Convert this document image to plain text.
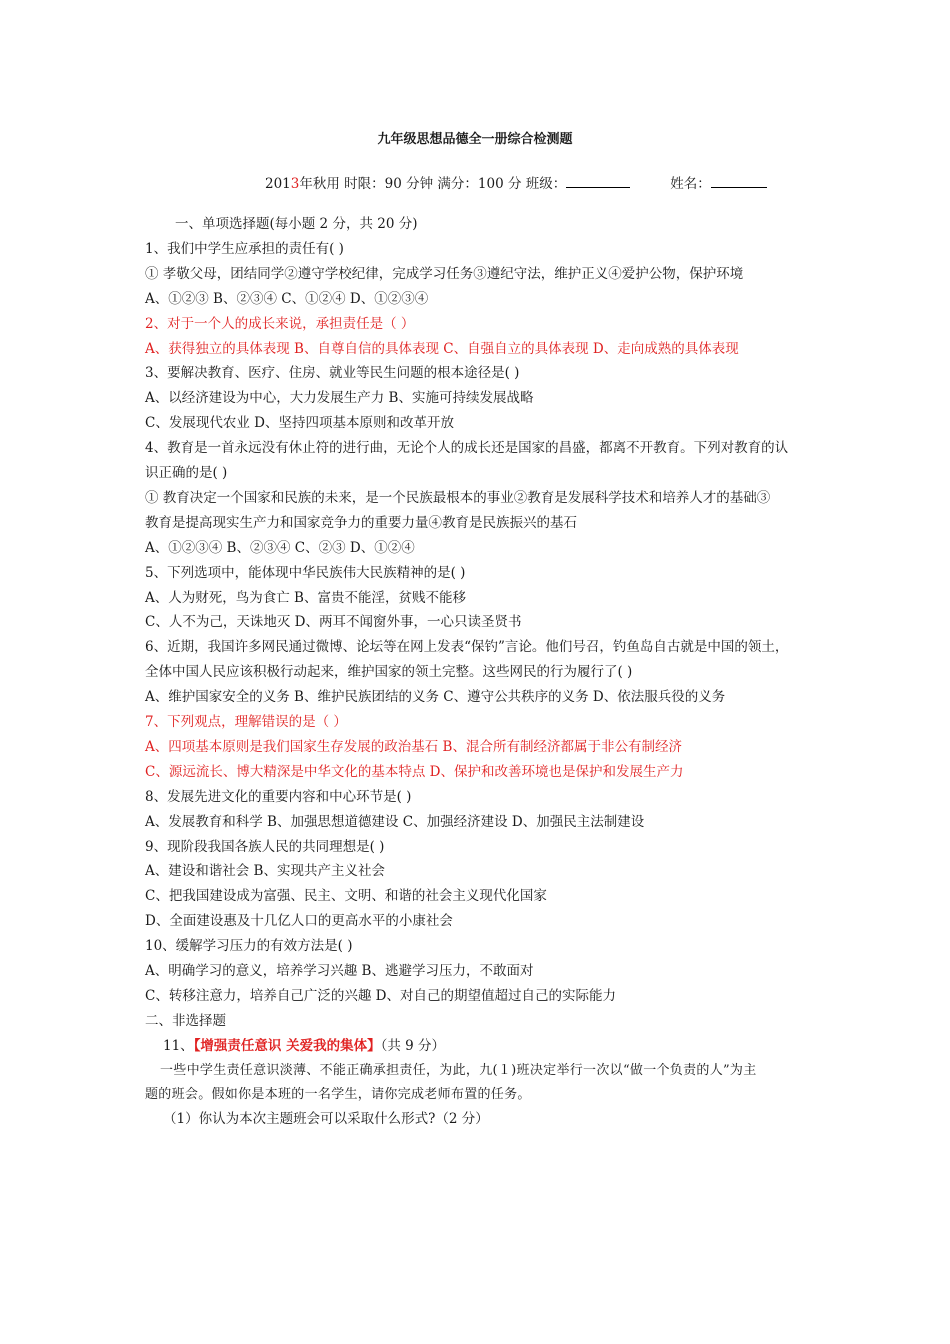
九年级思想品德全一册综合检测题
2013年秋用 时限：90 分钟 满分：100 分 班级：	姓名：
一、单项选择题(每小题 2 分，共 20 分)
1、我们中学生应承担的责任有( )
① 孝敬父母，团结同学②遵守学校纪律，完成学习任务③遵纪守法，维护正义④爱护公物，保护环境
A、①②③ B、②③④ C、①②④ D、①②③④
2、对于一个人的成长来说，承担责任是（ ）
A、获得独立的具体表现 B、自尊自信的具体表现 C、自强自立的具体表现 D、走向成熟的具体表现
3、要解决教育、医疗、住房、就业等民生问题的根本途径是( )
A、以经济建设为中心，大力发展生产力 B、实施可持续发展战略
C、发展现代农业 D、坚持四项基本原则和改革开放
4、教育是一首永远没有休止符的进行曲，无论个人的成长还是国家的昌盛，都离不开教育。下列对教育的认
识正确的是( )
① 教育决定一个国家和民族的未来，是一个民族最根本的事业②教育是发展科学技术和培养人才的基础③
教育是提高现实生产力和国家竞争力的重要力量④教育是民族振兴的基石
A、①②③④ B、②③④ C、②③ D、①②④
5、下列选项中，能体现中华民族伟大民族精神的是( )
A、人为财死，鸟为食亡 B、富贵不能淫，贫贱不能移
C、人不为己，天诛地灭 D、两耳不闻窗外事，一心只读圣贤书
6、近期，我国许多网民通过微博、论坛等在网上发表“保钓”言论。他们号召，钓鱼岛自古就是中国的领土，
全体中国人民应该积极行动起来，维护国家的领土完整。这些网民的行为履行了( )
A、维护国家安全的义务 B、维护民族团结的义务 C、遵守公共秩序的义务 D、依法服兵役的义务
7、下列观点，理解错误的是（ ）
A、四项基本原则是我们国家生存发展的政治基石 B、混合所有制经济都属于非公有制经济
C、源远流长、博大精深是中华文化的基本特点 D、保护和改善环境也是保护和发展生产力
8、发展先进文化的重要内容和中心环节是( )
A、发展教育和科学 B、加强思想道德建设 C、加强经济建设 D、加强民主法制建设
9、现阶段我国各族人民的共同理想是( )
A、建设和谐社会 B、实现共产主义社会
C、把我国建设成为富强、民主、文明、和谐的社会主义现代化国家
D、全面建设惠及十几亿人口的更高水平的小康社会
10、缓解学习压力的有效方法是( )
A、明确学习的意义，培养学习兴趣 B、逃避学习压力，不敢面对
C、转移注意力，培养自己广泛的兴趣 D、对自己的期望值超过自己的实际能力
二、非选择题
11、【增强责任意识 关爱我的集体】（共 9 分）
一些中学生责任意识淡薄、不能正确承担责任，为此，九(１)班决定举行一次以“做一个负责的人”为主
题的班会。假如你是本班的一名学生，请你完成老师布置的任务。
（1）你认为本次主题班会可以采取什么形式?（2 分）
